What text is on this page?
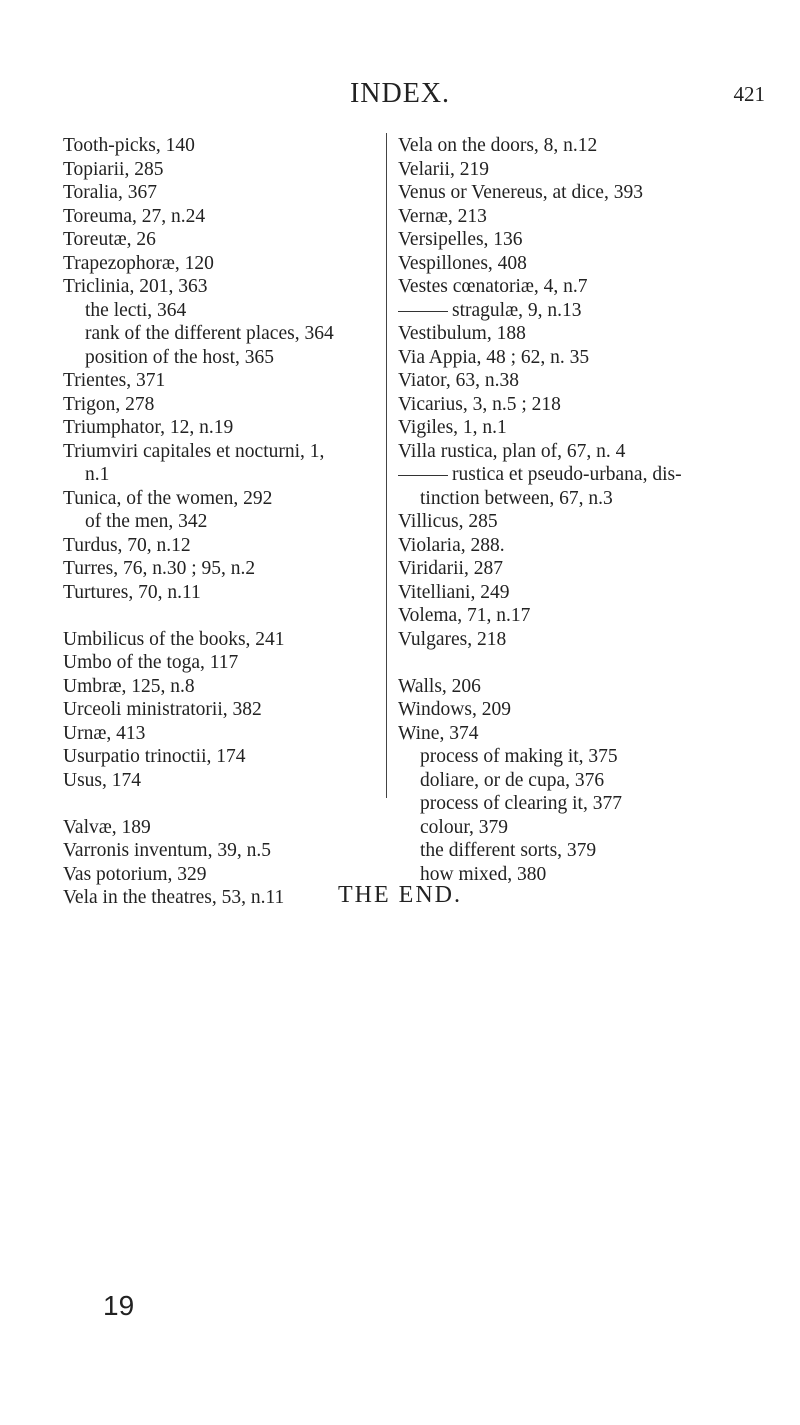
INDEX.	421
Tooth-picks, 140
Topiarii, 285
Toralia, 367
Toreuma, 27, n.24
Toreutæ, 26
Trapezophoræ, 120
Triclinia, 201, 363
the lecti, 364
rank of the different places, 364
position of the host, 365
Trientes, 371
Trigon, 278
Triumphator, 12, n.19
Triumviri capitales et nocturni, 1,
n.1
Tunica, of the women, 292
of the men, 342
Turdus, 70, n.12
Turres, 76, n.30 ; 95, n.2
Turtures, 70, n.11
Umbilicus of the books, 241
Umbo of the toga, 117
Umbræ, 125, n.8
Urceoli ministratorii, 382
Urnæ, 413
Usurpatio trinoctii, 174
Usus, 174
Valvæ, 189
Varronis inventum, 39, n.5
Vas potorium, 329
Vela in the theatres, 53, n.11
Vela on the doors, 8, n.12
Velarii, 219
Venus or Venereus, at dice, 393
Vernæ, 213
Versipelles, 136
Vespillones, 408
Vestes cœnatoriæ, 4, n.7
stragulæ, 9, n.13
Vestibulum, 188
Via Appia, 48 ; 62, n. 35
Viator, 63, n.38
Vicarius, 3, n.5 ; 218
Vigiles, 1, n.1
Villa rustica, plan of, 67, n. 4
rustica et pseudo-urbana, dis-
tinction between, 67, n.3
Villicus, 285
Violaria, 288.
Viridarii, 287
Vitelliani, 249
Volema, 71, n.17
Vulgares, 218
Walls, 206
Windows, 209
Wine, 374
process of making it, 375
doliare, or de cupa, 376
process of clearing it, 377
colour, 379
the different sorts, 379
how mixed, 380
THE END.
19
